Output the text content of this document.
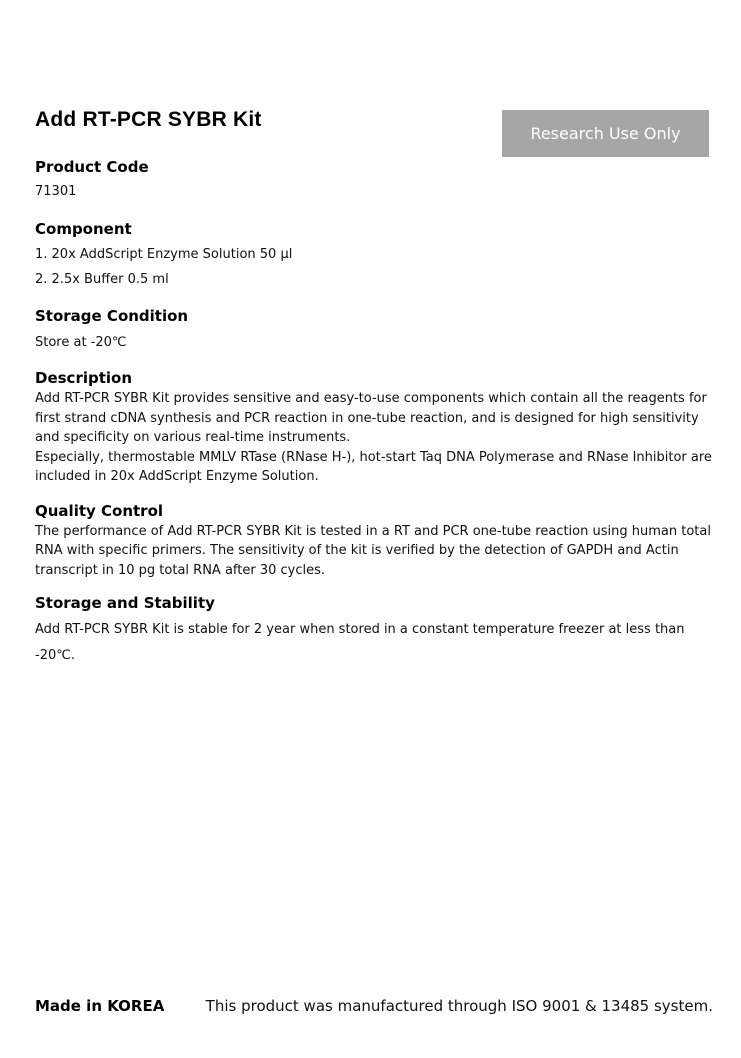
Add RT-PCR SYBR Kit
Research Use Only
Product Code

71301

Component

1. 20x AddScript Enzyme Solution 50 µl

2. 2.5x Buffer 0.5 ml

Storage Condition

Store at -20℃

Description

Add RT-PCR SYBR Kit provides sensitive and easy-to-use components which contain all the reagents for first strand cDNA synthesis and PCR reaction in one-tube reaction, and is designed for high sensitivity and specificity on various real-time instruments.

Especially, thermostable MMLV RTase (RNase H-), hot-start Taq DNA Polymerase and RNase Inhibitor are included in 20x AddScript Enzyme Solution.

Quality Control

The performance of Add RT-PCR SYBR Kit is tested in a RT and PCR one-tube reaction using human total RNA with specific primers. The sensitivity of the kit is verified by the detection of GAPDH and Actin transcript in 10 pg total RNA after 30 cycles.

Storage and Stability

Add RT-PCR SYBR Kit is stable for 2 year when stored in a constant temperature freezer at less than

-20℃.

Made in KOREA	This product was manufactured through ISO 9001 & 13485 system.
